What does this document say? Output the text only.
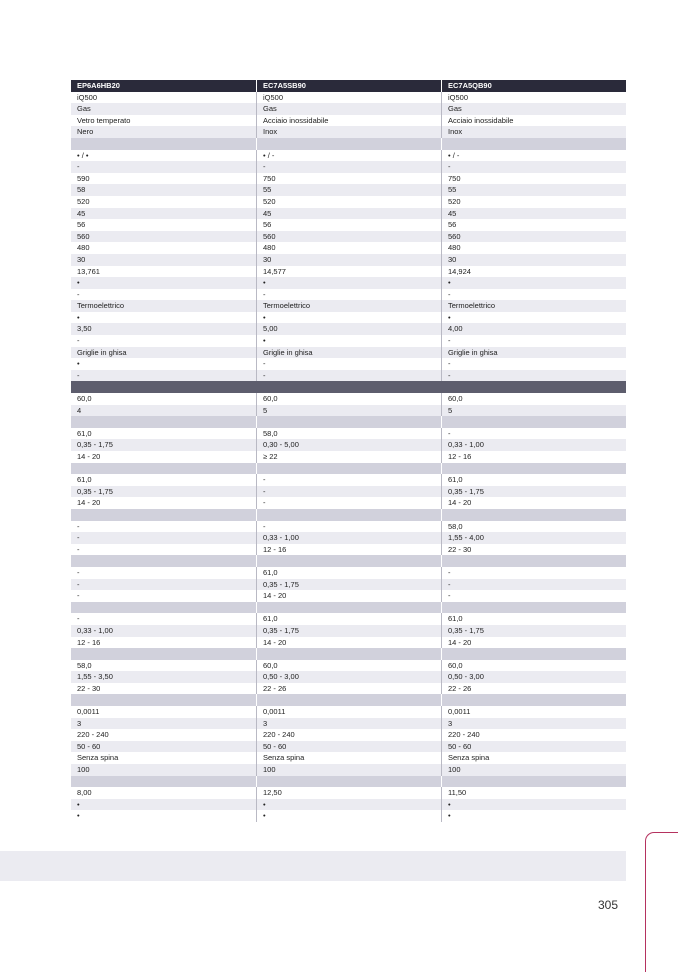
EP6A6HB20	EC7A5SB90	EC7A5QB90
iQ500	iQ500	iQ500
Gas	Gas	Gas
Vetro temperato	Acciaio inossidabile	Acciaio inossidabile
Nero	Inox	Inox
• / •	• / -	• / -
-	-	-
590	750	750
58	55	55
520	520	520
45	45	45
56	56	56
560	560	560
480	480	480
30	30	30
13,761	14,577	14,924
•	•	•
-	-	-
Termoelettrico	Termoelettrico	Termoelettrico
•	•	•
3,50	5,00	4,00
-	•	-
Griglie in ghisa	Griglie in ghisa	Griglie in ghisa
•	-	-
-	-	-
60,0	60,0	60,0
4	5	5
61,0	58,0	-
0,35 - 1,75	0,30 - 5,00	0,33 - 1,00
14 - 20	≥ 22	12 - 16
61,0	-	61,0
0,35 - 1,75	-	0,35 - 1,75
14 - 20	-	14 - 20
-	-	58,0
-	0,33 - 1,00	1,55 - 4,00
-	12 - 16	22 - 30
-	61,0	-
-	0,35 - 1,75	-
-	14 - 20	-
-	61,0	61,0
0,33 - 1,00	0,35 - 1,75	0,35 - 1,75
12 - 16	14 - 20	14 - 20
58,0	60,0	60,0
1,55 - 3,50	0,50 - 3,00	0,50 - 3,00
22 - 30	22 - 26	22 - 26
0,0011	0,0011	0,0011
3	3	3
220 - 240	220 - 240	220 - 240
50 - 60	50 - 60	50 - 60
Senza spina	Senza spina	Senza spina
100	100	100
8,00	12,50	11,50
•	•	•
•	•	•
305
